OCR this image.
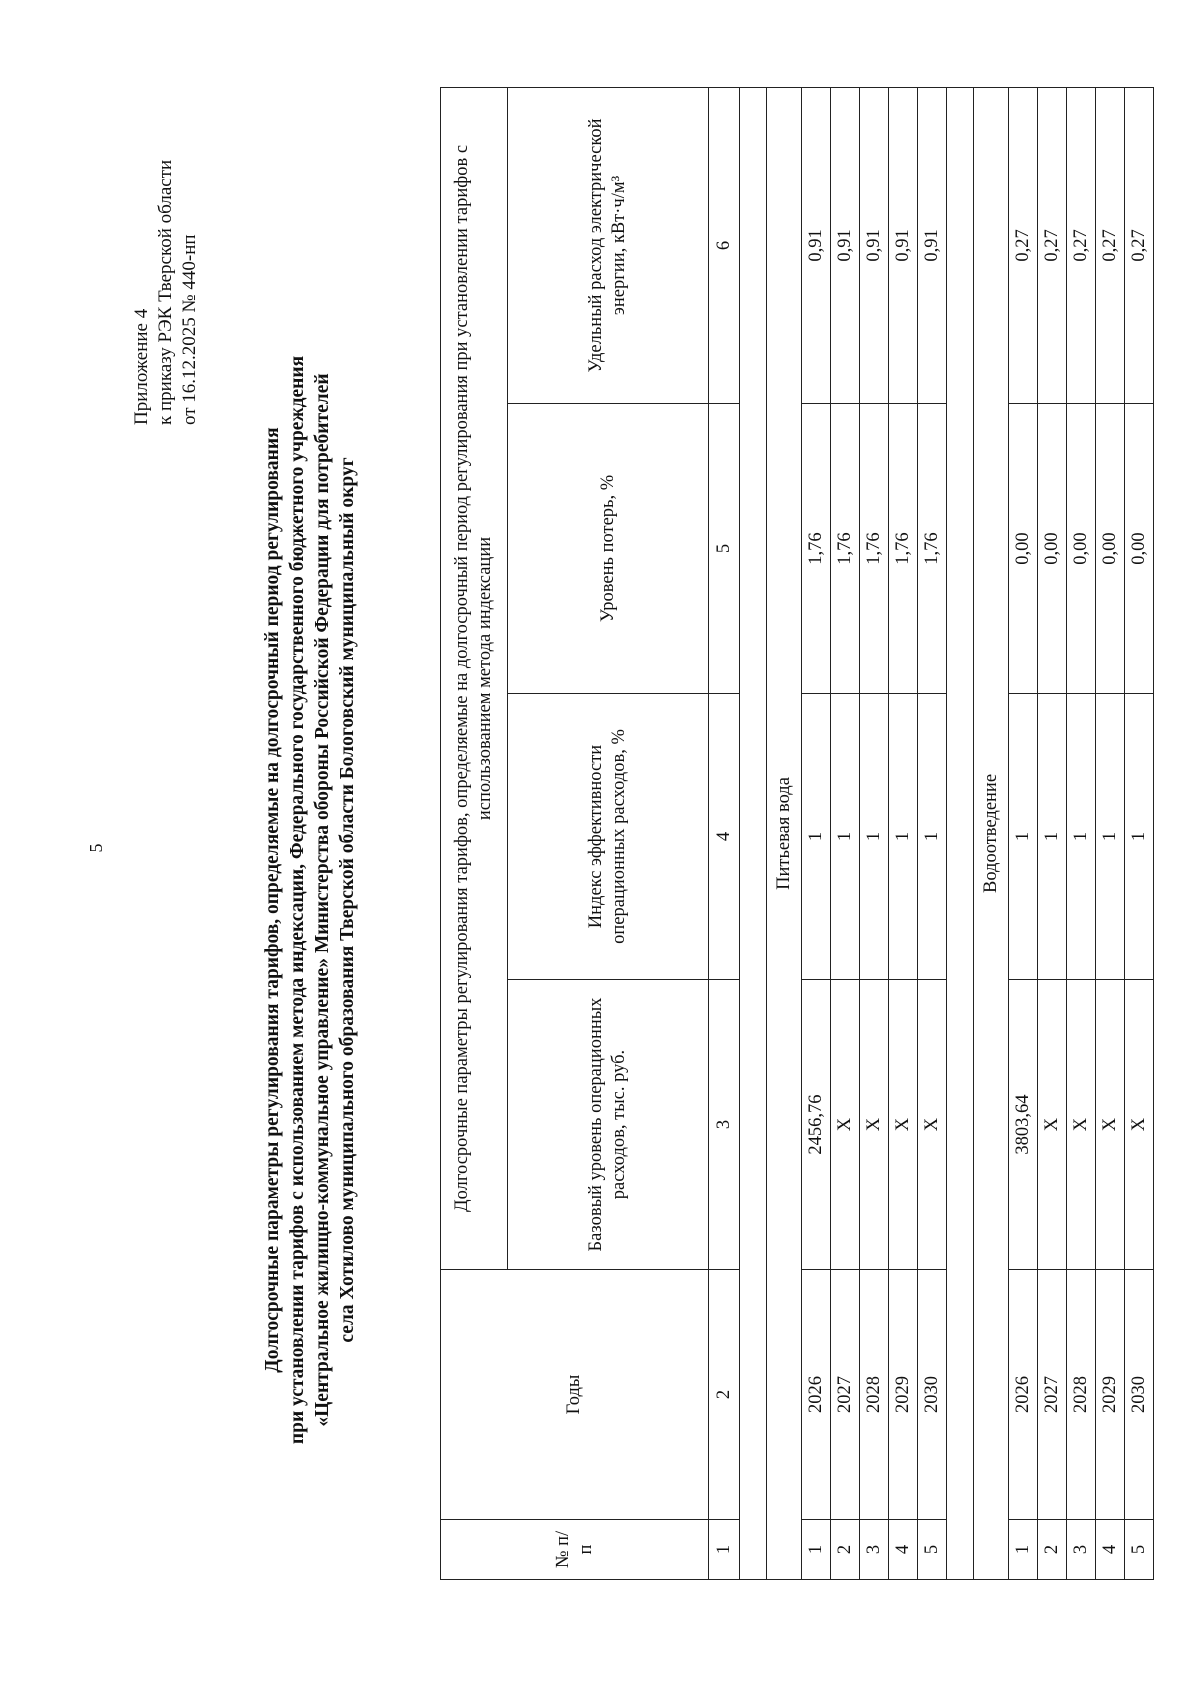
5
Приложение 4 к приказу РЭК Тверской области от 16.12.2025 № 440-нп
Долгосрочные параметры регулирования тарифов, определяемые на долгосрочный период регулирования при установлении тарифов с использованием метода индексации, Федерального государственного бюджетного учреждения «Центральное жилищно-коммунальное управление» Министерства обороны Российской Федерации для потребителей села Хотилово муниципального образования Тверской области Бологовский муниципальный округ
№ п/п	Годы	Долгосрочные параметры регулирования тарифов, определяемые на долгосрочный период регулирования при установлении тарифов с использованием метода индексации			
		Базовый уровень операционных расходов, тыс. руб.	Индекс эффективности операционных расходов, %	Уровень потерь, %	Удельный расход электрической энергии, кВт·ч/м³
1	2	3	4	5	6

Питьевая вода					
1	2026	2456,76	1	1,76	0,91
2	2027	X	1	1,76	0,91
3	2028	X	1	1,76	0,91
4	2029	X	1	1,76	0,91
5	2030	X	1	1,76	0,91

Водоотведение					
1	2026	3803,64	1	0,00	0,27
2	2027	X	1	0,00	0,27
3	2028	X	1	0,00	0,27
4	2029	X	1	0,00	0,27
5	2030	X	1	0,00	0,27
